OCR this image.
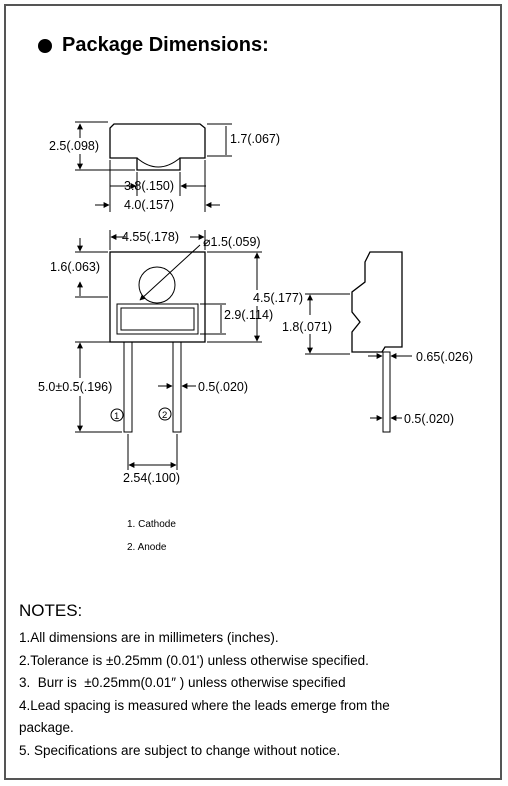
Package Dimensions:
2.5(.098)	1.7(.067)
3.8(.150)
4.0(.157)
4.55(.178) ⌀1.5(.059)
1.6(.063)
4.5(.177)
2.9(.114)
1.8(.071)
0.65(.026)
5.0±0.5(.196)	0.5(.020)
0.5(.020)
2.54(.100)
1	2
1. Cathode
2. Anode
NOTES:
1.All dimensions are in millimeters (inches).
2.Tolerance is ±0.25mm (0.01') unless otherwise specified.
3.  Burr is  ±0.25mm(0.01″ ) unless otherwise specified
4.Lead spacing is measured where the leads emerge from the
package.
5. Specifications are subject to change without notice.
